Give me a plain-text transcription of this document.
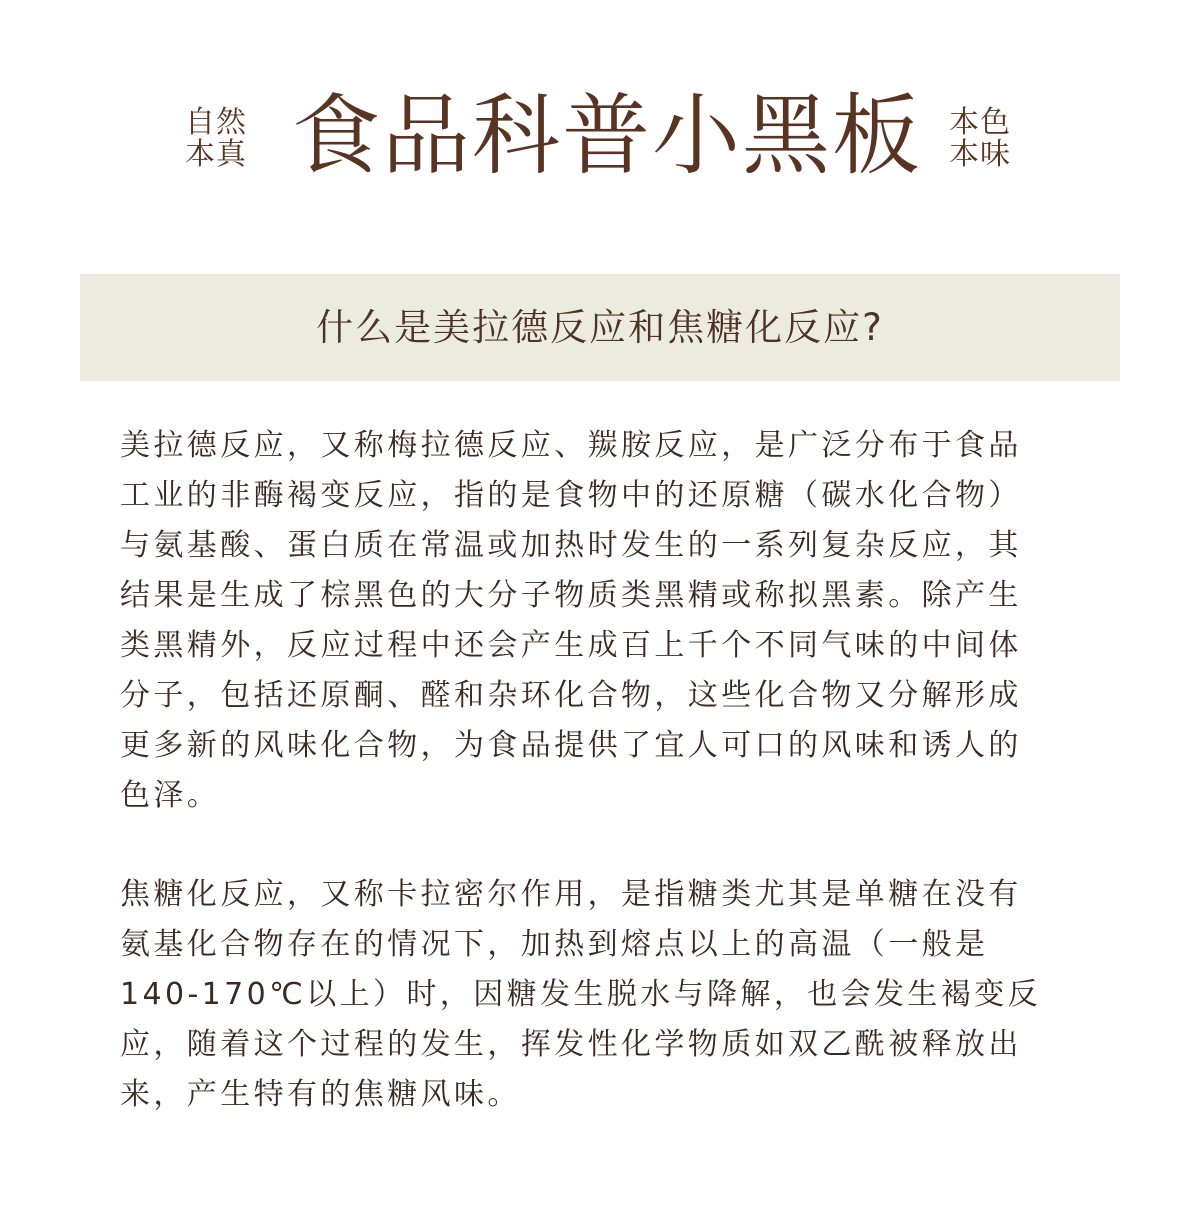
自然
本真 食品科普小黑板 本色
本味
什么是美拉德反应和焦糖化反应?
美拉德反应，又称梅拉德反应、羰胺反应，是广泛分布于食品
工业的非酶褐变反应，指的是食物中的还原糖（碳水化合物）
与氨基酸、蛋白质在常温或加热时发生的一系列复杂反应，其
结果是生成了棕黑色的大分子物质类黑精或称拟黑素。除产生
类黑精外，反应过程中还会产生成百上千个不同气味的中间体
分子，包括还原酮、醛和杂环化合物，这些化合物又分解形成
更多新的风味化合物，为食品提供了宜人可口的风味和诱人的
色泽。
焦糖化反应，又称卡拉密尔作用，是指糖类尤其是单糖在没有
氨基化合物存在的情况下，加热到熔点以上的高温（一般是
140-170℃以上）时，因糖发生脱水与降解，也会发生褐变反
应，随着这个过程的发生，挥发性化学物质如双乙酰被释放出
来，产生特有的焦糖风味。
